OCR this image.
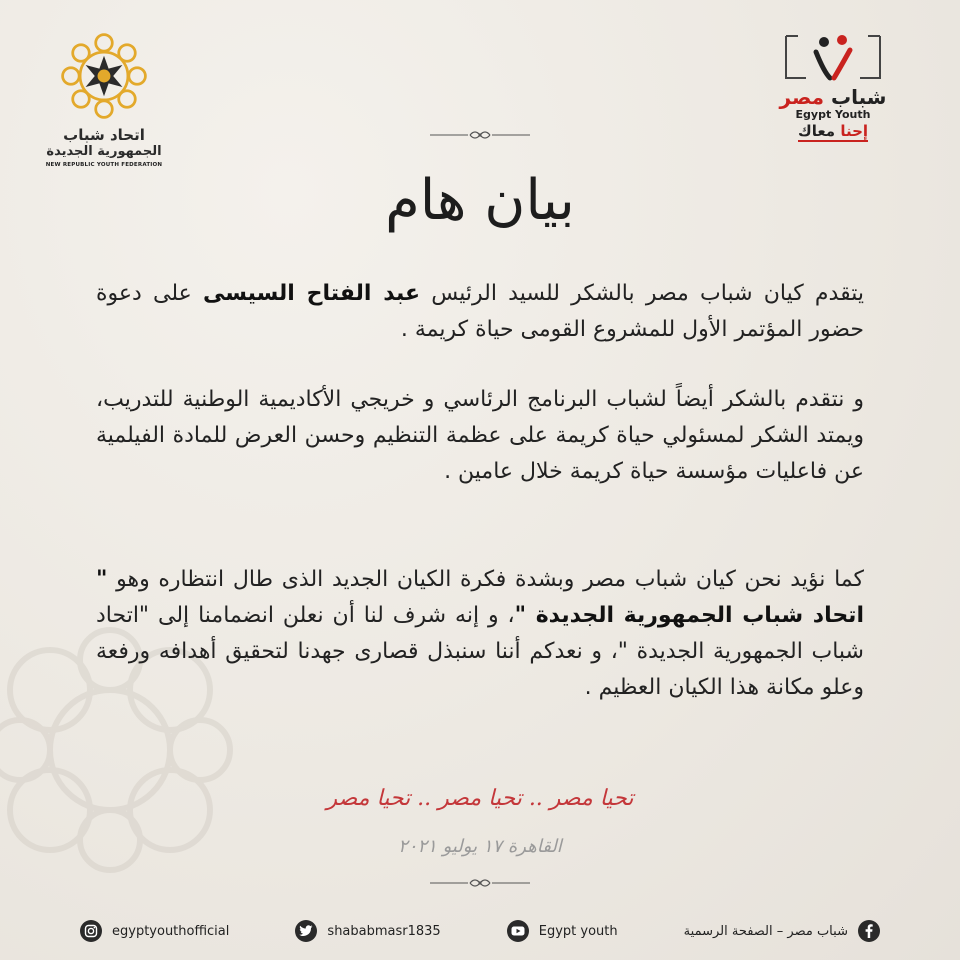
اتحاد شباب
الجمهورية الجديدة
NEW REPUBLIC YOUTH FEDERATION
شباب مصر
Egypt Youth
إحنا معاك
بيان هام
يتقدم كيان شباب مصر بالشكر للسيد الرئيس عبد الفتاح السيسى على دعوة حضور المؤتمر الأول للمشروع القومى حياة كريمة .
و نتقدم بالشكر أيضاً لشباب البرنامج الرئاسي و خريجي الأكاديمية الوطنية للتدريب، ويمتد الشكر لمسئولي حياة كريمة على عظمة التنظيم وحسن العرض للمادة الفيلمية عن فاعليات مؤسسة حياة كريمة خلال عامين .
كما نؤيد نحن كيان شباب مصر وبشدة فكرة الكيان الجديد الذى طال انتظاره وهو " اتحاد شباب الجمهورية الجديدة "، و إنه شرف لنا أن نعلن انضمامنا إلى "اتحاد شباب الجمهورية الجديدة "، و نعدكم أننا سنبذل قصارى جهدنا لتحقيق أهدافه ورفعة وعلو مكانة هذا الكيان العظيم .
تحيا مصر .. تحيا مصر .. تحيا مصر
القاهرة ١٧ يوليو ٢٠٢١
egyptyouthofficial	shababmasr1835	Egypt youth	شباب مصر – الصفحة الرسمية
